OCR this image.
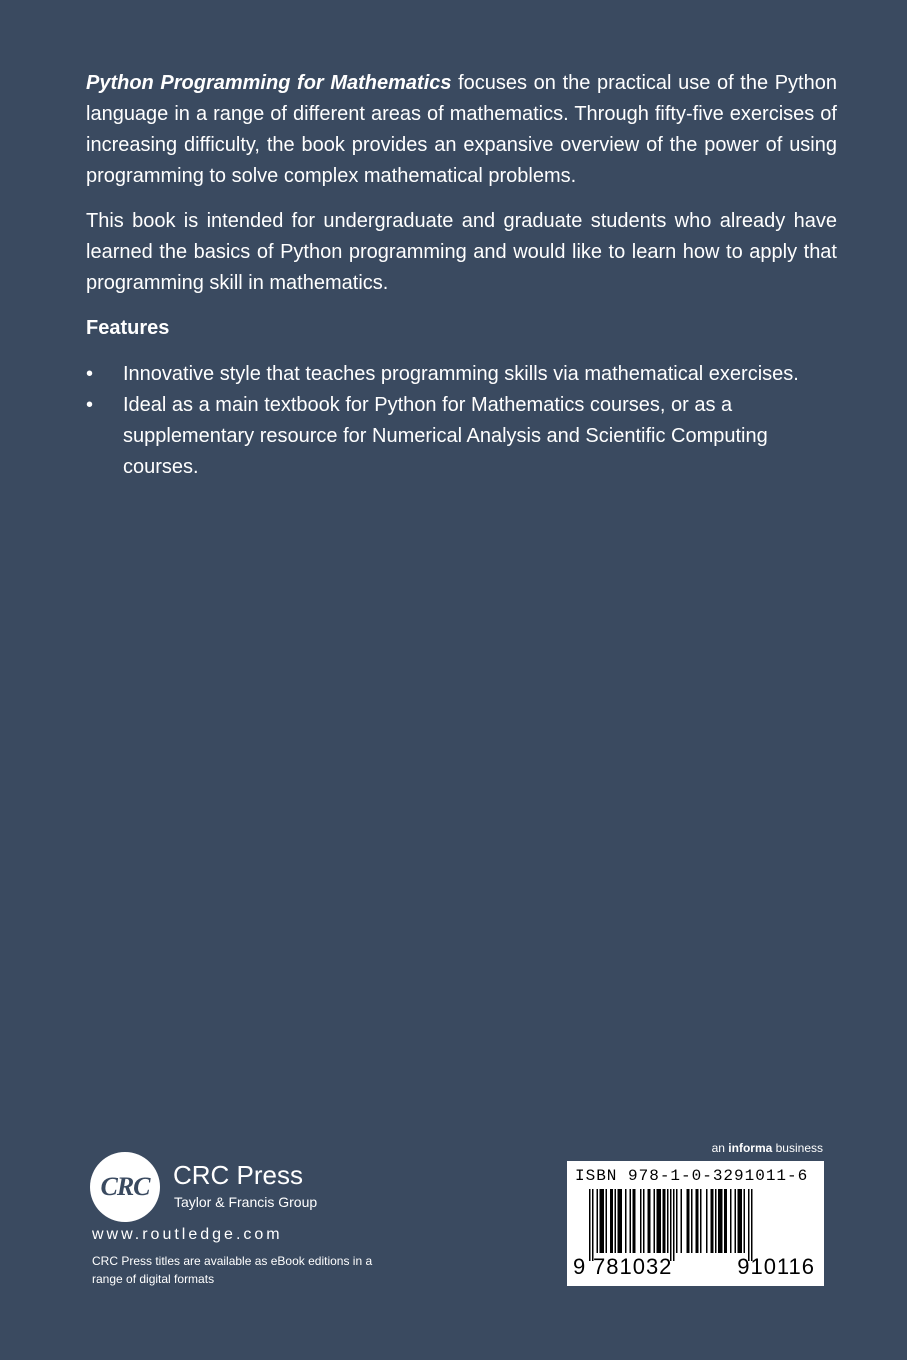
Python Programming for Mathematics focuses on the practical use of the Python language in a range of different areas of mathematics. Through fifty-five exercises of increasing difficulty, the book provides an expansive overview of the power of using programming to solve complex mathematical problems.

This book is intended for undergraduate and graduate students who already have learned the basics of Python programming and would like to learn how to apply that programming skill in mathematics.

Features
• Innovative style that teaches programming skills via mathematical exercises.
• Ideal as a main textbook for Python for Mathematics courses, or as a supplementary resource for Numerical Analysis and Scientific Computing courses.
CRC CRC Press
Taylor & Francis Group
www.routledge.com
CRC Press titles are available as eBook editions in a range of digital formats
an informa business
ISBN 978-1-0-3291011-6
9 781032	910116
